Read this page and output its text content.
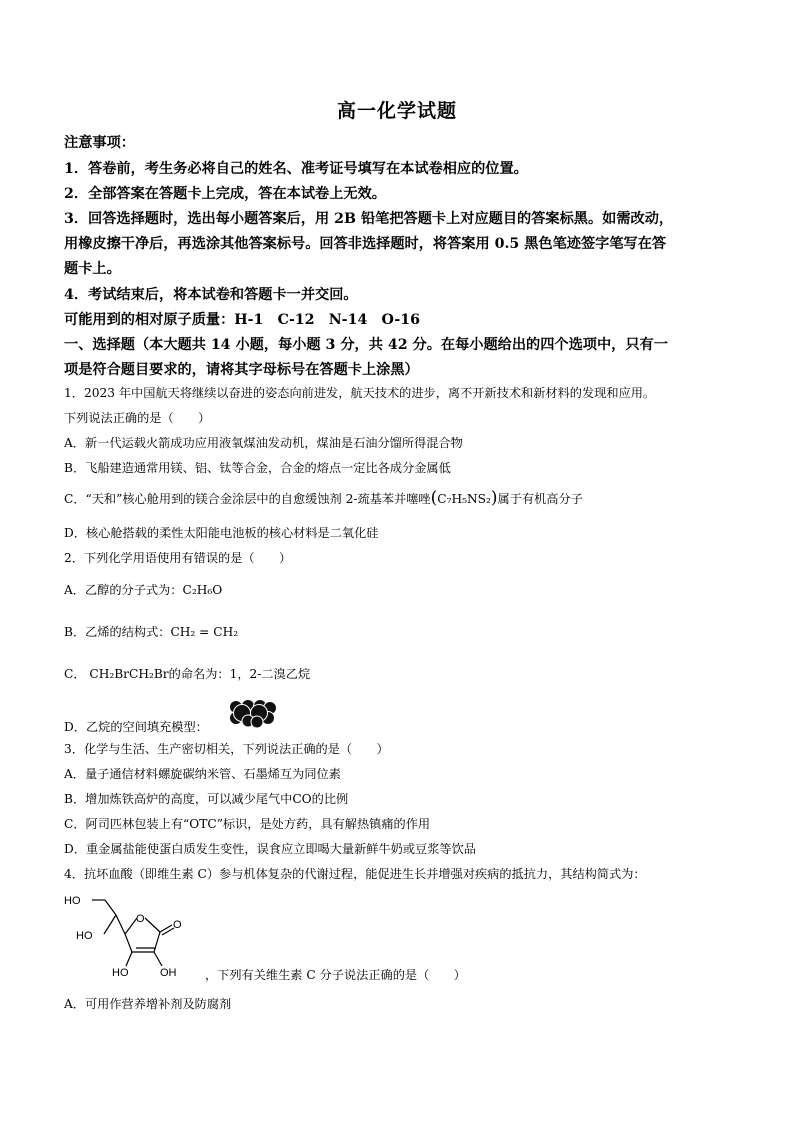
高一化学试题
注意事项：
1．答卷前，考生务必将自己的姓名、准考证号填写在本试卷相应的位置。
2．全部答案在答题卡上完成，答在本试卷上无效。
3．回答选择题时，选出每小题答案后，用 2B 铅笔把答题卡上对应题目的答案标黑。如需改动，
用橡皮擦干净后，再选涂其他答案标号。回答非选择题时，将答案用 0.5 黑色笔迹签字笔写在答
题卡上。
4．考试结束后，将本试卷和答题卡一并交回。
可能用到的相对原子质量：H-1　C-12　N-14　O-16
一、选择题（本大题共 14 小题，每小题 3 分，共 42 分。在每小题给出的四个选项中，只有一
项是符合题目要求的，请将其字母标号在答题卡上涂黑）
1．2023 年中国航天将继续以奋进的姿态向前进发，航天技术的进步，离不开新技术和新材料的发现和应用。
下列说法正确的是（　　）
A．新一代运载火箭成功应用液氧煤油发动机，煤油是石油分馏所得混合物
B．飞船建造通常用镁、铝、钛等合金，合金的熔点一定比各成分金属低
C．“天和”核心舱用到的镁合金涂层中的自愈缓蚀剂 2-巯基苯并噻唑(C₇H₅NS₂)属于有机高分子
D．核心舱搭载的柔性太阳能电池板的核心材料是二氧化硅
2．下列化学用语使用有错误的是（　　）
A．乙醇的分子式为：C₂H₆O
B．乙烯的结构式：CH₂ = CH₂
C． CH₂BrCH₂Br的命名为：1，2-二溴乙烷
D．乙烷的空间填充模型：
3．化学与生活、生产密切相关，下列说法正确的是（　　）
A．量子通信材料螺旋碳纳米管、石墨烯互为同位素
B．增加炼铁高炉的高度，可以减少尾气中CO的比例
C．阿司匹林包装上有“OTC”标识，是处方药，具有解热镇痛的作用
D．重金属盐能使蛋白质发生变性，误食应立即喝大量新鲜牛奶或豆浆等饮品
4．抗坏血酸（即维生素 C）参与机体复杂的代谢过程，能促进生长并增强对疾病的抵抗力，其结构简式为：
HO
HO
O	O
HO	OH ，下列有关维生素 C 分子说法正确的是（　　）
A．可用作营养增补剂及防腐剂
